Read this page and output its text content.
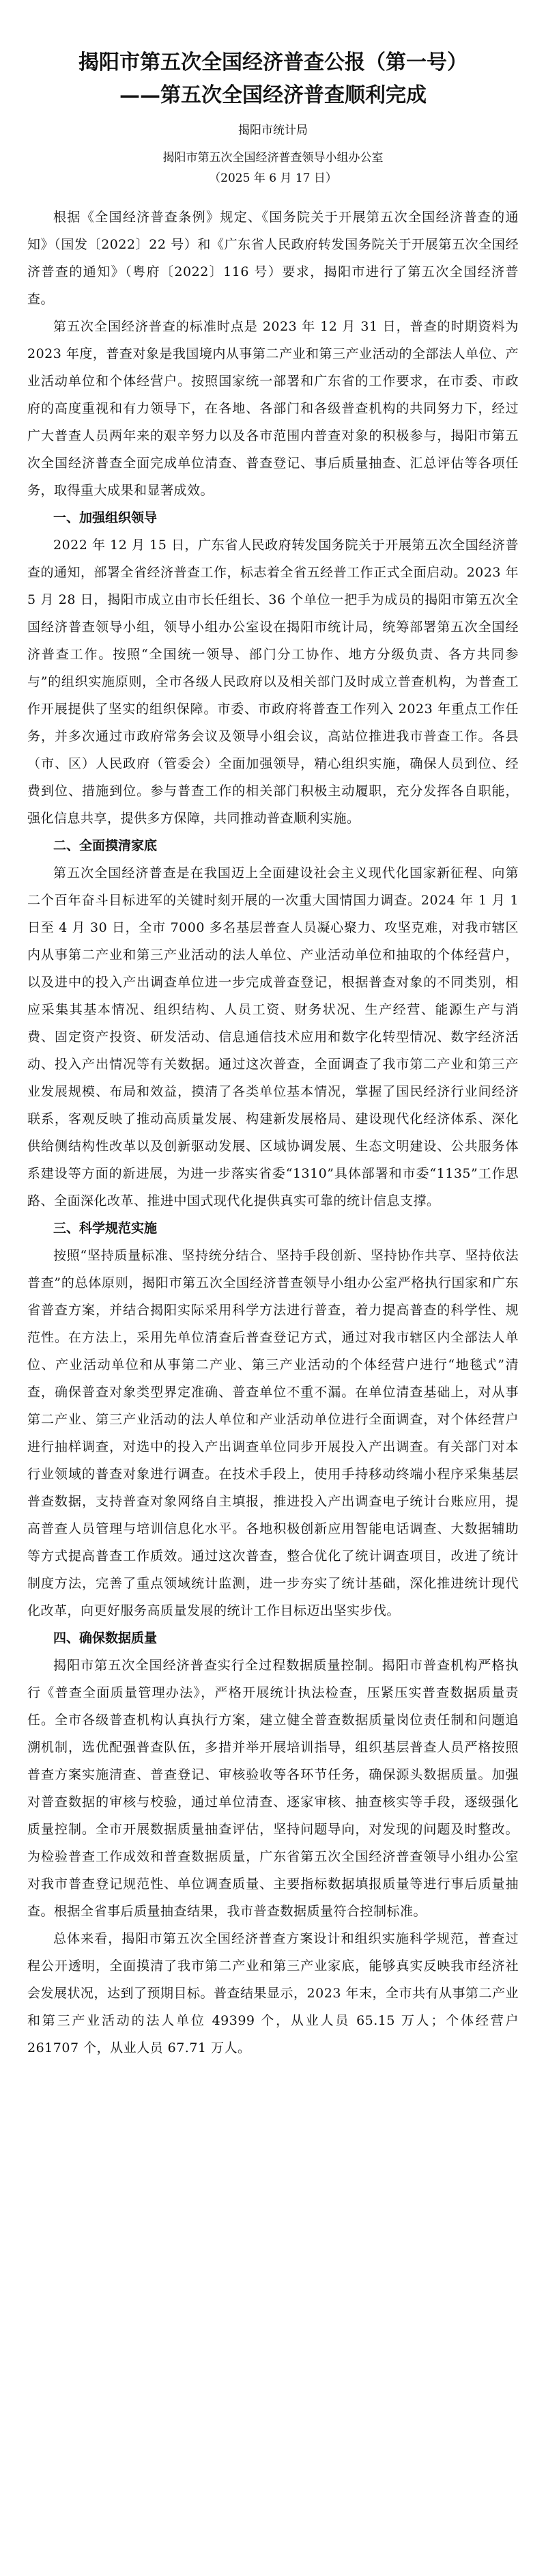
揭阳市第五次全国经济普查公报（第一号）
——第五次全国经济普查顺利完成

揭阳市统计局

揭阳市第五次全国经济普查领导小组办公室

（2025 年 6 月 17 日）

根据《全国经济普查条例》规定、《国务院关于开展第五次全国经济普查的通知》（国发〔2022〕22 号）和《广东省人民政府转发国务院关于开展第五次全国经济普查的通知》（粤府〔2022〕116 号）要求，揭阳市进行了第五次全国经济普查。

第五次全国经济普查的标准时点是 2023 年 12 月 31 日，普查的时期资料为 2023 年度，普查对象是我国境内从事第二产业和第三产业活动的全部法人单位、产业活动单位和个体经营户。按照国家统一部署和广东省的工作要求，在市委、市政府的高度重视和有力领导下，在各地、各部门和各级普查机构的共同努力下，经过广大普查人员两年来的艰辛努力以及各市范围内普查对象的积极参与，揭阳市第五次全国经济普查全面完成单位清查、普查登记、事后质量抽查、汇总评估等各项任务，取得重大成果和显著成效。

一、加强组织领导

2022 年 12 月 15 日，广东省人民政府转发国务院关于开展第五次全国经济普查的通知，部署全省经济普查工作，标志着全省五经普工作正式全面启动。2023 年 5 月 28 日，揭阳市成立由市长任组长、36 个单位一把手为成员的揭阳市第五次全国经济普查领导小组，领导小组办公室设在揭阳市统计局，统筹部署第五次全国经济普查工作。按照“全国统一领导、部门分工协作、地方分级负责、各方共同参与”的组织实施原则，全市各级人民政府以及相关部门及时成立普查机构，为普查工作开展提供了坚实的组织保障。市委、市政府将普查工作列入 2023 年重点工作任务，并多次通过市政府常务会议及领导小组会议，高站位推进我市普查工作。各县（市、区）人民政府（管委会）全面加强领导，精心组织实施，确保人员到位、经费到位、措施到位。参与普查工作的相关部门积极主动履职，充分发挥各自职能，强化信息共享，提供多方保障，共同推动普查顺利实施。

二、全面摸清家底

第五次全国经济普查是在我国迈上全面建设社会主义现代化国家新征程、向第二个百年奋斗目标进军的关键时刻开展的一次重大国情国力调查。2024 年 1 月 1 日至 4 月 30 日，全市 7000 多名基层普查人员凝心聚力、攻坚克难，对我市辖区内从事第二产业和第三产业活动的法人单位、产业活动单位和抽取的个体经营户，以及进中的投入产出调查单位进一步完成普查登记，根据普查对象的不同类别，相应采集其基本情况、组织结构、人员工资、财务状况、生产经营、能源生产与消费、固定资产投资、研发活动、信息通信技术应用和数字化转型情况、数字经济活动、投入产出情况等有关数据。通过这次普查，全面调查了我市第二产业和第三产业发展规模、布局和效益，摸清了各类单位基本情况，掌握了国民经济行业间经济联系，客观反映了推动高质量发展、构建新发展格局、建设现代化经济体系、深化供给侧结构性改革以及创新驱动发展、区域协调发展、生态文明建设、公共服务体系建设等方面的新进展，为进一步落实省委“1310”具体部署和市委“1135”工作思路、全面深化改革、推进中国式现代化提供真实可靠的统计信息支撑。

三、科学规范实施

按照“坚持质量标准、坚持统分结合、坚持手段创新、坚持协作共享、坚持依法普查”的总体原则，揭阳市第五次全国经济普查领导小组办公室严格执行国家和广东省普查方案，并结合揭阳实际采用科学方法进行普查，着力提高普查的科学性、规范性。在方法上，采用先单位清查后普查登记方式，通过对我市辖区内全部法人单位、产业活动单位和从事第二产业、第三产业活动的个体经营户进行“地毯式”清查，确保普查对象类型界定准确、普查单位不重不漏。在单位清查基础上，对从事第二产业、第三产业活动的法人单位和产业活动单位进行全面调查，对个体经营户进行抽样调查，对选中的投入产出调查单位同步开展投入产出调查。有关部门对本行业领域的普查对象进行调查。在技术手段上，使用手持移动终端小程序采集基层普查数据，支持普查对象网络自主填报，推进投入产出调查电子统计台账应用，提高普查人员管理与培训信息化水平。各地积极创新应用智能电话调查、大数据辅助等方式提高普查工作质效。通过这次普查，整合优化了统计调查项目，改进了统计制度方法，完善了重点领域统计监测，进一步夯实了统计基础，深化推进统计现代化改革，向更好服务高质量发展的统计工作目标迈出坚实步伐。

四、确保数据质量

揭阳市第五次全国经济普查实行全过程数据质量控制。揭阳市普查机构严格执行《普查全面质量管理办法》，严格开展统计执法检查，压紧压实普查数据质量责任。全市各级普查机构认真执行方案，建立健全普查数据质量岗位责任制和问题追溯机制，选优配强普查队伍，多措并举开展培训指导，组织基层普查人员严格按照普查方案实施清查、普查登记、审核验收等各环节任务，确保源头数据质量。加强对普查数据的审核与校验，通过单位清查、逐家审核、抽查核实等手段，逐级强化质量控制。全市开展数据质量抽查评估，坚持问题导向，对发现的问题及时整改。为检验普查工作成效和普查数据质量，广东省第五次全国经济普查领导小组办公室对我市普查登记规范性、单位调查质量、主要指标数据填报质量等进行事后质量抽查。根据全省事后质量抽查结果，我市普查数据质量符合控制标准。

总体来看，揭阳市第五次全国经济普查方案设计和组织实施科学规范，普查过程公开透明，全面摸清了我市第二产业和第三产业家底，能够真实反映我市经济社会发展状况，达到了预期目标。普查结果显示，2023 年末，全市共有从事第二产业和第三产业活动的法人单位 49399 个，从业人员 65.15 万人；个体经营户 261707 个，从业人员 67.71 万人。
